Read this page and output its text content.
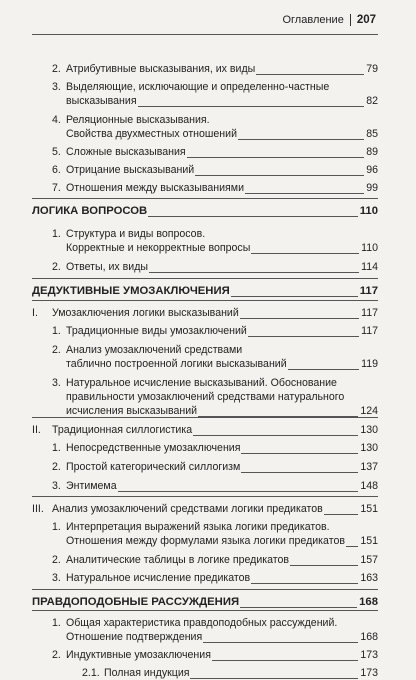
Оглавление 207
2. Атрибутивные высказывания, их виды	79
3. Выделяющие, исключающие и определенно-частные
высказывания	82
4. Реляционные высказывания.
Свойства двухместных отношений	85
5. Сложные высказывания	89
6. Отрицание высказываний	96
7. Отношения между высказываниями	99
ЛОГИКА ВОПРОСОВ	110
1. Структура и виды вопросов.
Корректные и некорректные вопросы	110
2. Ответы, их виды	114
ДЕДУКТИВНЫЕ УМОЗАКЛЮЧЕНИЯ	117
I. Умозаключения логики высказываний	117
1. Традиционные виды умозаключений	117
2. Анализ умозаключений средствами
таблично построенной логики высказываний	119
3. Натуральное исчисление высказываний. Обоснование
правильности умозаключений средствами натурального
исчисления высказываний	124
II. Традиционная силлогистика	130
1. Непосредственные умозаключения	130
2. Простой категорический силлогизм	137
3. Энтимема	148
III. Анализ умозаключений средствами логики предикатов	151
1. Интерпретация выражений языка логики предикатов.
Отношения между формулами языка логики предикатов 151
2. Аналитические таблицы в логике предикатов	157
3. Натуральное исчисление предикатов	163
ПРАВДОПОДОБНЫЕ РАССУЖДЕНИЯ	168
1. Общая характеристика правдоподобных рассуждений.
Отношение подтверждения	168
2. Индуктивные умозаключения	173
2.1. Полная индукция	173
